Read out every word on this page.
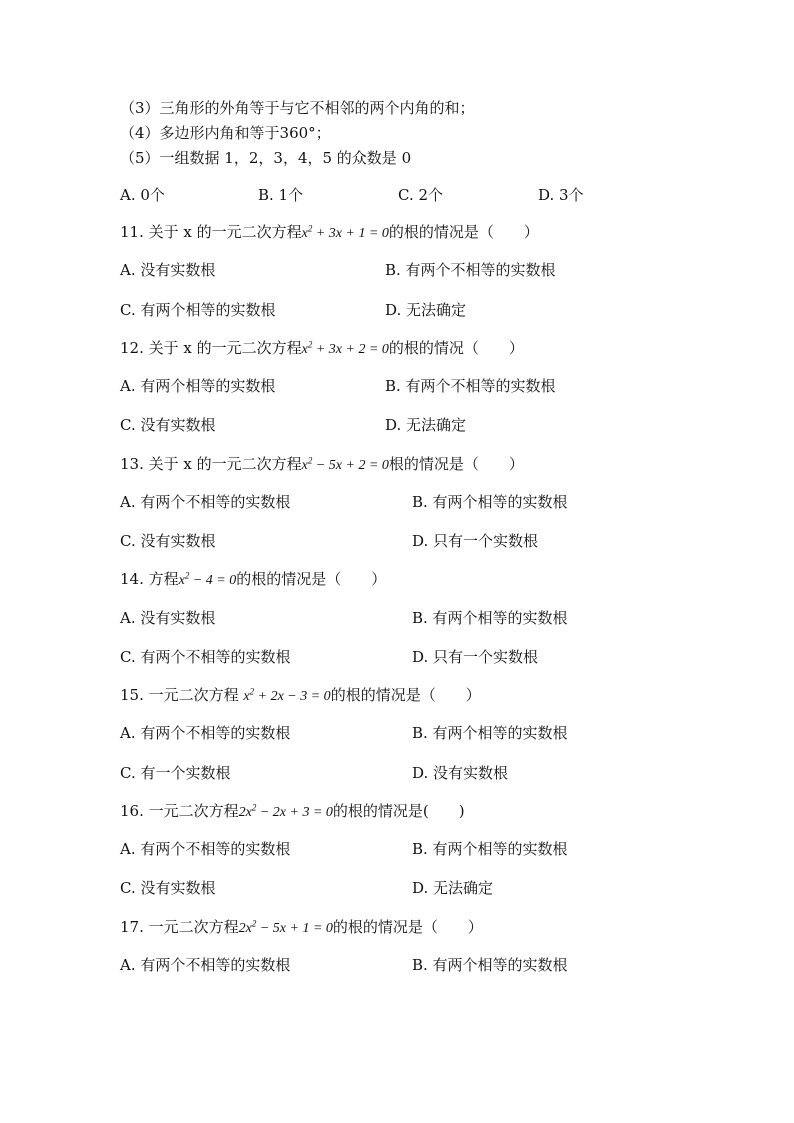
（3）三角形的外角等于与它不相邻的两个内角的和；
（4）多边形内角和等于360°；
（5）一组数据 1，2，3，4，5 的众数是 0
A. 0个	B. 1个	C. 2个	D. 3个
11. 关于 x 的一元二次方程$x^2 + 3x + 1 = 0$的根的情况是（　　）
A. 没有实数根	B. 有两个不相等的实数根
C. 有两个相等的实数根	D. 无法确定
12. 关于 x 的一元二次方程$x^2 + 3x + 2 = 0$的根的情况（　　）
A. 有两个相等的实数根	B. 有两个不相等的实数根
C. 没有实数根	D. 无法确定
13. 关于 x 的一元二次方程$x^2 - 5x + 2 = 0$根的情况是（　　）
A. 有两个不相等的实数根	B. 有两个相等的实数根
C. 没有实数根	D. 只有一个实数根
14. 方程$x^2 - 4 = 0$的根的情况是（　　）
A. 没有实数根	B. 有两个相等的实数根
C. 有两个不相等的实数根	D. 只有一个实数根
15. 一元二次方程 $x^2 + 2x - 3 = 0$的根的情况是（　　）
A. 有两个不相等的实数根	B. 有两个相等的实数根
C. 有一个实数根	D. 没有实数根
16. 一元二次方程$2x^2 - 2x + 3 = 0$的根的情况是(　　)
A. 有两个不相等的实数根	B. 有两个相等的实数根
C. 没有实数根	D. 无法确定
17. 一元二次方程$2x^2 - 5x + 1 = 0$的根的情况是（　　）
A. 有两个不相等的实数根	B. 有两个相等的实数根
